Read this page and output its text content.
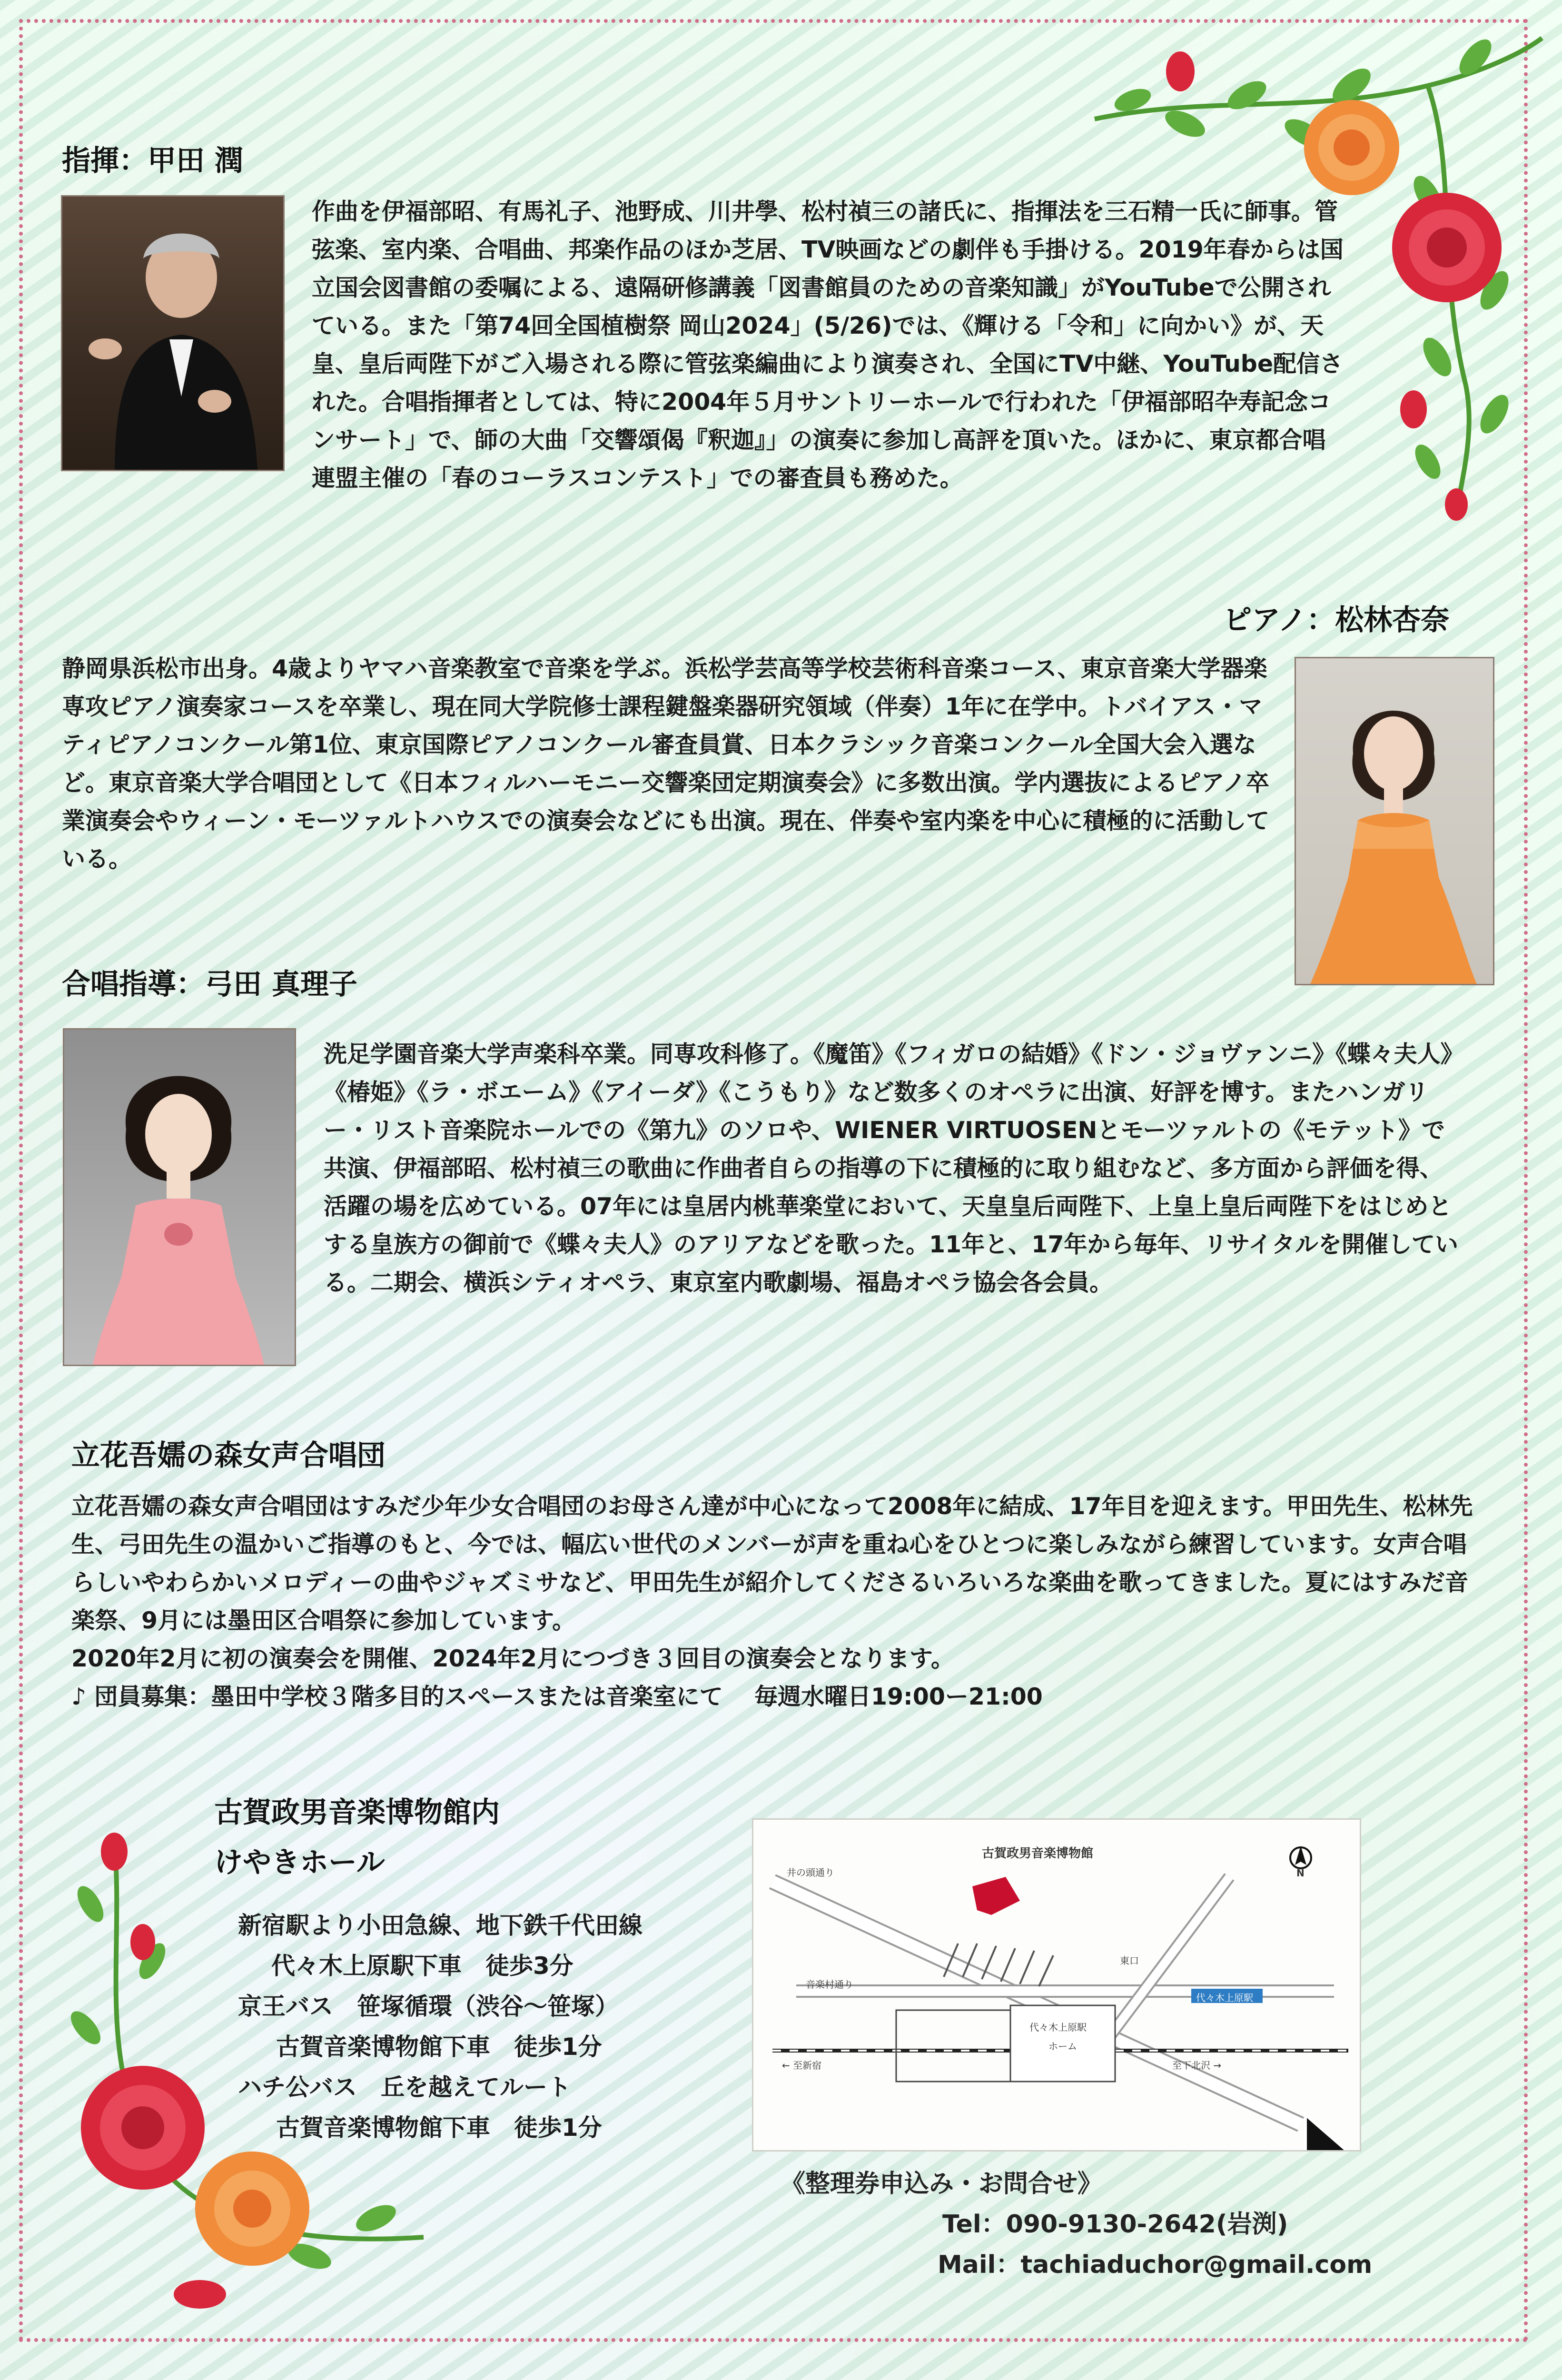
指揮：甲田 潤
作曲を伊福部昭、有馬礼子、池野成、川井學、松村禎三の諸氏に、指揮法を三石精一氏に師事。管弦楽、室内楽、合唱曲、邦楽作品のほか芝居、TV映画などの劇伴も手掛ける。2019年春からは国立国会図書館の委嘱による、遠隔研修講義「図書館員のための音楽知識」がYouTubeで公開されている。また「第74回全国植樹祭 岡山2024」(5/26)では、《輝ける「令和」に向かい》が、天皇、皇后両陛下がご入場される際に管弦楽編曲により演奏され、全国にTV中継、YouTube配信された。合唱指揮者としては、特に2004年５月サントリーホールで行われた「伊福部昭卆寿記念コンサート」で、師の大曲「交響頌偈『釈迦』」の演奏に参加し高評を頂いた。ほかに、東京都合唱連盟主催の「春のコーラスコンテスト」での審査員も務めた。
ピアノ：松林杏奈
静岡県浜松市出身。4歳よりヤマハ音楽教室で音楽を学ぶ。浜松学芸高等学校芸術科音楽コース、東京音楽大学器楽専攻ピアノ演奏家コースを卒業し、現在同大学院修士課程鍵盤楽器研究領域（伴奏）1年に在学中。トバイアス・マティピアノコンクール第1位、東京国際ピアノコンクール審査員賞、日本クラシック音楽コンクール全国大会入選など。東京音楽大学合唱団として《日本フィルハーモニー交響楽団定期演奏会》に多数出演。学内選抜によるピアノ卒業演奏会やウィーン・モーツァルトハウスでの演奏会などにも出演。現在、伴奏や室内楽を中心に積極的に活動している。
合唱指導：弓田 真理子
洗足学園音楽大学声楽科卒業。同専攻科修了。《魔笛》《フィガロの結婚》《ドン・ジョヴァンニ》《蝶々夫人》《椿姫》《ラ・ボエーム》《アイーダ》《こうもり》など数多くのオペラに出演、好評を博す。またハンガリー・リスト音楽院ホールでの《第九》のソロや、WIENER VIRTUOSENとモーツァルトの《モテット》で共演、伊福部昭、松村禎三の歌曲に作曲者自らの指導の下に積極的に取り組むなど、多方面から評価を得、活躍の場を広めている。07年には皇居内桃華楽堂において、天皇皇后両陛下、上皇上皇后両陛下をはじめとする皇族方の御前で《蝶々夫人》のアリアなどを歌った。11年と、17年から毎年、リサイタルを開催している。二期会、横浜シティオペラ、東京室内歌劇場、福島オペラ協会各会員。
立花吾嬬の森女声合唱団
立花吾嬬の森女声合唱団はすみだ少年少女合唱団のお母さん達が中心になって2008年に結成、17年目を迎えます。甲田先生、松林先生、弓田先生の温かいご指導のもと、今では、幅広い世代のメンバーが声を重ね心をひとつに楽しみながら練習しています。女声合唱らしいやわらかいメロディーの曲やジャズミサなど、甲田先生が紹介してくださるいろいろな楽曲を歌ってきました。夏にはすみだ音楽祭、9月には墨田区合唱祭に参加しています。
2020年2月に初の演奏会を開催、2024年2月につづき３回目の演奏会となります。
♪ 団員募集：墨田中学校３階多目的スペースまたは音楽室にて　 毎週水曜日19:00ー21:00
古賀政男音楽博物館内
けやきホール
新宿駅より小田急線、地下鉄千代田線
代々木上原駅下車　徒歩3分
京王バス　笹塚循環（渋谷〜笹塚）
古賀音楽博物館下車　徒歩1分
ハチ公バス　丘を越えてルート
古賀音楽博物館下車　徒歩1分
古賀政男音楽博物館
井の頭通り
音楽村通り
東口
代々木上原駅
代々木上原駅
ホーム
← 至新宿	至下北沢 →
N
《整理券申込み・お問合せ》
Tel：090-9130-2642(岩渕)
Mail：tachiaduchor@gmail.com
